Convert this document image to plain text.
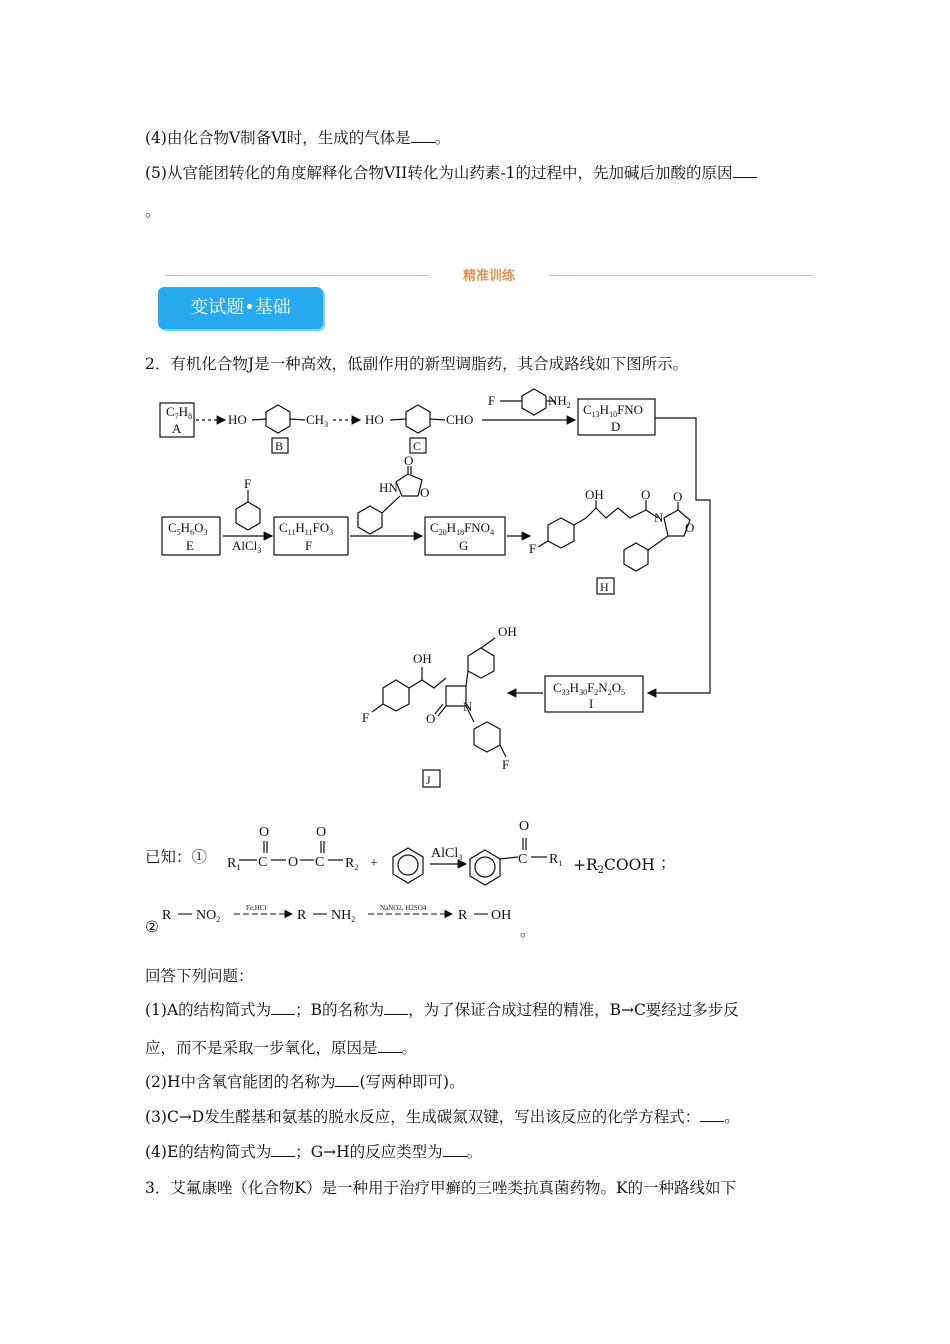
(4)由化合物Ⅴ制备Ⅵ时，生成的气体是 。
(5)从官能团转化的角度解释化合物VII转化为山药素-1的过程中，先加碱后加酸的原因
。
精准训练
变试题•基础
2．有机化合物J是一种高效，低副作用的新型调脂药，其合成路线如下图所示。
$C_7H_8$
A
HO	$CH_3$
B
HO	CHO
C
F	$NH_2$ $C_{13}H_{10}FNO$
D
$C_5H_6O_3$
E
F
AlCl$_3$
$C_{11}H_{11}FO_3$
F
O
HN O
$C_{20}H_{18}FNO_4$
G
OH	O O
N
O
F
H
$C_{33}H_{30}F_2N_2O_5$
I
OH
OH
N
O
F
F
J
已知：① $R_1$
O
C O
O
C $R_2$ +
AlCl$_3$
O
C $R_1$ +R2COOH ；
②
R $NO_2$
Fe,HCl R $NH_2$
NaNO2, H2SO4 R OH
。
回答下列问题：
(1)A的结构简式为 ；B的名称为 ，为了保证合成过程的精准，B→C要经过多步反
应，而不是采取一步氧化，原因是 。
(2)H中含氧官能团的名称为 (写两种即可)。
(3)C→D发生醛基和氨基的脱水反应，生成碳氮双键，写出该反应的化学方程式： 。
(4)E的结构简式为 ；G→H的反应类型为 。
3．艾氟康唑（化合物K）是一种用于治疗甲癣的三唑类抗真菌药物。K的一种路线如下
